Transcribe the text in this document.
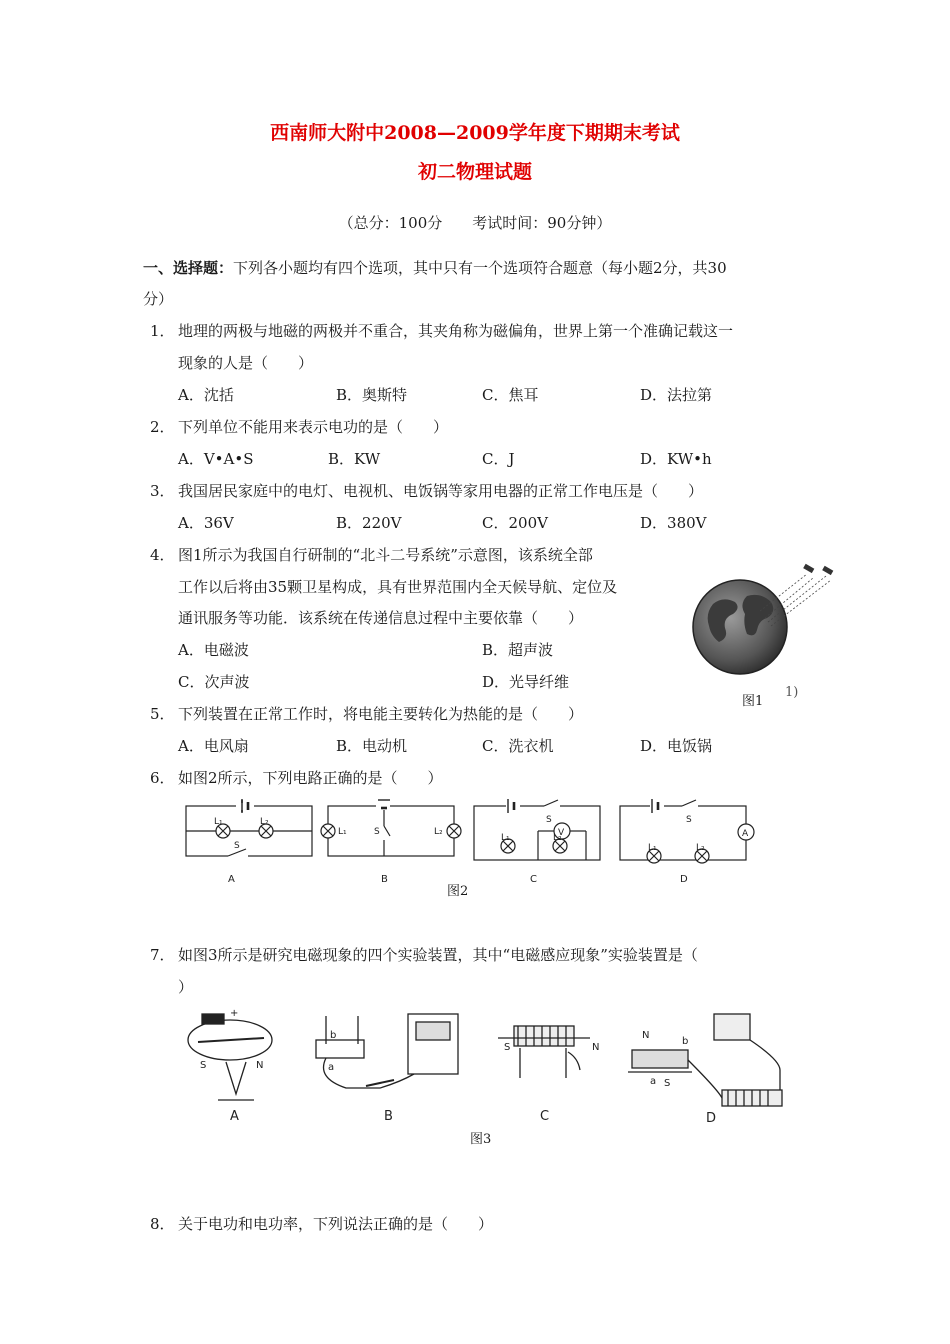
西南师大附中2008—2009学年度下期期末考试
初二物理试题
（总分：100分　　考试时间：90分钟）
一、选择题：下列各小题均有四个选项，其中只有一个选项符合题意（每小题2分，共30
分）
1． 地理的两极与地磁的两极并不重合，其夹角称为磁偏角，世界上第一个准确记载这一
现象的人是（　　）
A．沈括	B．奥斯特	C．焦耳	D．法拉第
2． 下列单位不能用来表示电功的是（　　）
A．V•A•S	B．KW	C．J	D．KW•h
3． 我国居民家庭中的电灯、电视机、电饭锅等家用电器的正常工作电压是（　　）
A．36V	B．220V	C．200V	D．380V
4． 图1所示为我国自行研制的“北斗二号系统”示意图，该系统全部
工作以后将由35颗卫星构成，具有世界范围内全天候导航、定位及
通讯服务等功能．该系统在传递信息过程中主要依靠（　　）
A．电磁波	B．超声波
C．次声波	D．光导纤维
图1
1)
5． 下列装置在正常工作时，将电能主要转化为热能的是（　　）
A．电风扇	B．电动机	C．洗衣机	D．电饭锅
6． 如图2所示，下列电路正确的是（　　）
L₁	L₂
S
L₁	L₂
S
S
V
L₁	L₂
S
A
L₁	L₂
A	B	C	D
图2
7． 如图3所示是研究电磁现象的四个实验装置，其中“电磁感应现象”实验装置是（
）
+
S	N
b
a
S	N
N
a S
b
A	B	C	D
图3
8． 关于电功和电功率，下列说法正确的是（　　）
